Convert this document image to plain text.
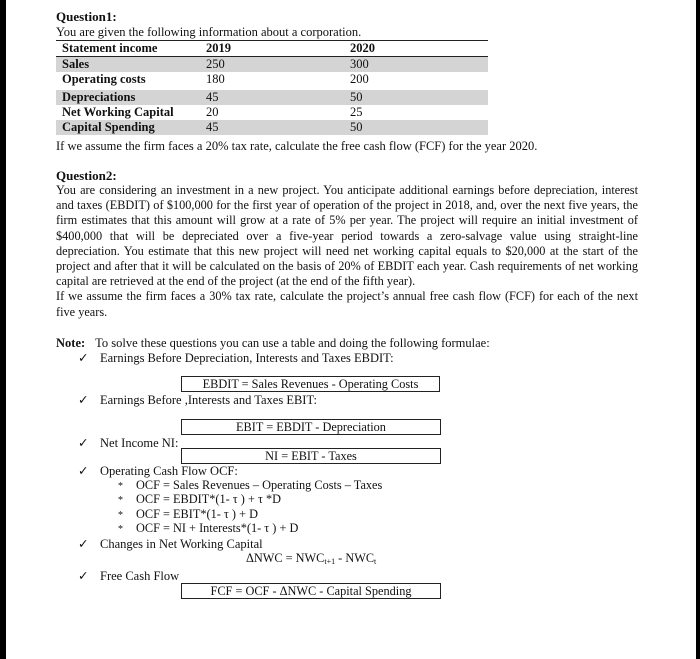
Question1:
You are given the following information about a corporation.
Statement income	2019	2020
Sales	250	300
Operating costs	180	200
Depreciations	45	50
Net Working Capital	20	25
Capital Spending	45	50
If we assume the firm faces a 20% tax rate, calculate the free cash flow (FCF) for the year 2020.
Question2:

You are considering an investment in a new project. You anticipate additional earnings before depreciation, interest and taxes (EBDIT) of $100,000 for the first year of operation of the project in 2018, and, over the next five years, the firm estimates that this amount will grow at a rate of 5% per year. The project will require an initial investment of $400,000 that will be depreciated over a five-year period towards a zero-salvage value using straight-line depreciation. You estimate that this new project will need net working capital equals to $20,000 at the start of the project and after that it will be calculated on the basis of 20% of EBDIT each year. Cash requirements of net working capital are retrieved at the end of the project (at the end of the fifth year).

If we assume the firm faces a 30% tax rate, calculate the project’s annual free cash flow (FCF) for each of the next five years.

Note: To solve these questions you can use a table and doing the following formulae:
✓ Earnings Before Depreciation, Interests and Taxes EBDIT:
EBDIT = Sales Revenues - Operating Costs
✓ Earnings Before ,Interests and Taxes EBIT:
EBIT = EBDIT - Depreciation
✓ Net Income NI:
NI = EBIT - Taxes
✓ Operating Cash Flow OCF:
* OCF = Sales Revenues – Operating Costs – Taxes
* OCF = EBDIT*(1- τ ) + τ *D
* OCF = EBIT*(1- τ ) + D
* OCF = NI + Interests*(1- τ ) + D
✓ Changes in Net Working Capital
$\Delta NWC = NWC_{t+1} - NWC_t$
✓ Free Cash Flow
FCF = OCF - ΔNWC - Capital Spending
